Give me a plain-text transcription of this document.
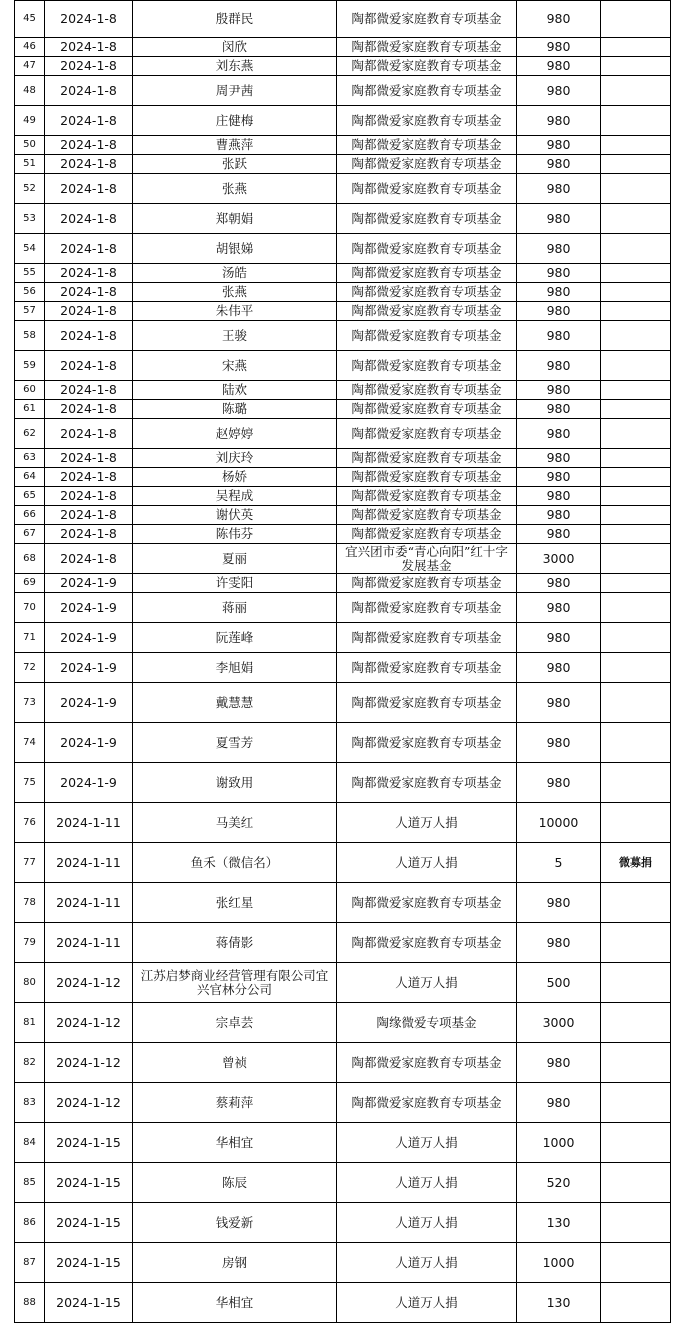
45	2024-1-8	殷群民	陶都微爱家庭教育专项基金	980	
46	2024-1-8	闵欣	陶都微爱家庭教育专项基金	980	
47	2024-1-8	刘东燕	陶都微爱家庭教育专项基金	980	
48	2024-1-8	周尹茜	陶都微爱家庭教育专项基金	980	
49	2024-1-8	庄健梅	陶都微爱家庭教育专项基金	980	
50	2024-1-8	曹燕萍	陶都微爱家庭教育专项基金	980	
51	2024-1-8	张跃	陶都微爱家庭教育专项基金	980	
52	2024-1-8	张燕	陶都微爱家庭教育专项基金	980	
53	2024-1-8	郑朝娟	陶都微爱家庭教育专项基金	980	
54	2024-1-8	胡银娣	陶都微爱家庭教育专项基金	980	
55	2024-1-8	汤皓	陶都微爱家庭教育专项基金	980	
56	2024-1-8	张燕	陶都微爱家庭教育专项基金	980	
57	2024-1-8	朱伟平	陶都微爱家庭教育专项基金	980	
58	2024-1-8	王骏	陶都微爱家庭教育专项基金	980	
59	2024-1-8	宋燕	陶都微爱家庭教育专项基金	980	
60	2024-1-8	陆欢	陶都微爱家庭教育专项基金	980	
61	2024-1-8	陈璐	陶都微爱家庭教育专项基金	980	
62	2024-1-8	赵婷婷	陶都微爱家庭教育专项基金	980	
63	2024-1-8	刘庆玲	陶都微爱家庭教育专项基金	980	
64	2024-1-8	杨娇	陶都微爱家庭教育专项基金	980	
65	2024-1-8	吴程成	陶都微爱家庭教育专项基金	980	
66	2024-1-8	谢伏英	陶都微爱家庭教育专项基金	980	
67	2024-1-8	陈伟芬	陶都微爱家庭教育专项基金	980	
68	2024-1-8	夏丽	宜兴团市委“青心向阳”红十字发展基金	3000	
69	2024-1-9	许雯阳	陶都微爱家庭教育专项基金	980	
70	2024-1-9	蒋丽	陶都微爱家庭教育专项基金	980	
71	2024-1-9	阮莲峰	陶都微爱家庭教育专项基金	980	
72	2024-1-9	李旭娟	陶都微爱家庭教育专项基金	980	
73	2024-1-9	戴慧慧	陶都微爱家庭教育专项基金	980	
74	2024-1-9	夏雪芳	陶都微爱家庭教育专项基金	980	
75	2024-1-9	谢致用	陶都微爱家庭教育专项基金	980	
76	2024-1-11	马美红	人道万人捐	10000	
77	2024-1-11	鱼禾（微信名）	人道万人捐	5	微募捐
78	2024-1-11	张红星	陶都微爱家庭教育专项基金	980	
79	2024-1-11	蒋倩影	陶都微爱家庭教育专项基金	980	
80	2024-1-12	江苏启梦商业经营管理有限公司宜兴官林分公司	人道万人捐	500	
81	2024-1-12	宗卓芸	陶缘微爱专项基金	3000	
82	2024-1-12	曾祯	陶都微爱家庭教育专项基金	980	
83	2024-1-12	蔡莉萍	陶都微爱家庭教育专项基金	980	
84	2024-1-15	华相宜	人道万人捐	1000	
85	2024-1-15	陈辰	人道万人捐	520	
86	2024-1-15	钱爱新	人道万人捐	130	
87	2024-1-15	房钢	人道万人捐	1000	
88	2024-1-15	华相宜	人道万人捐	130	
